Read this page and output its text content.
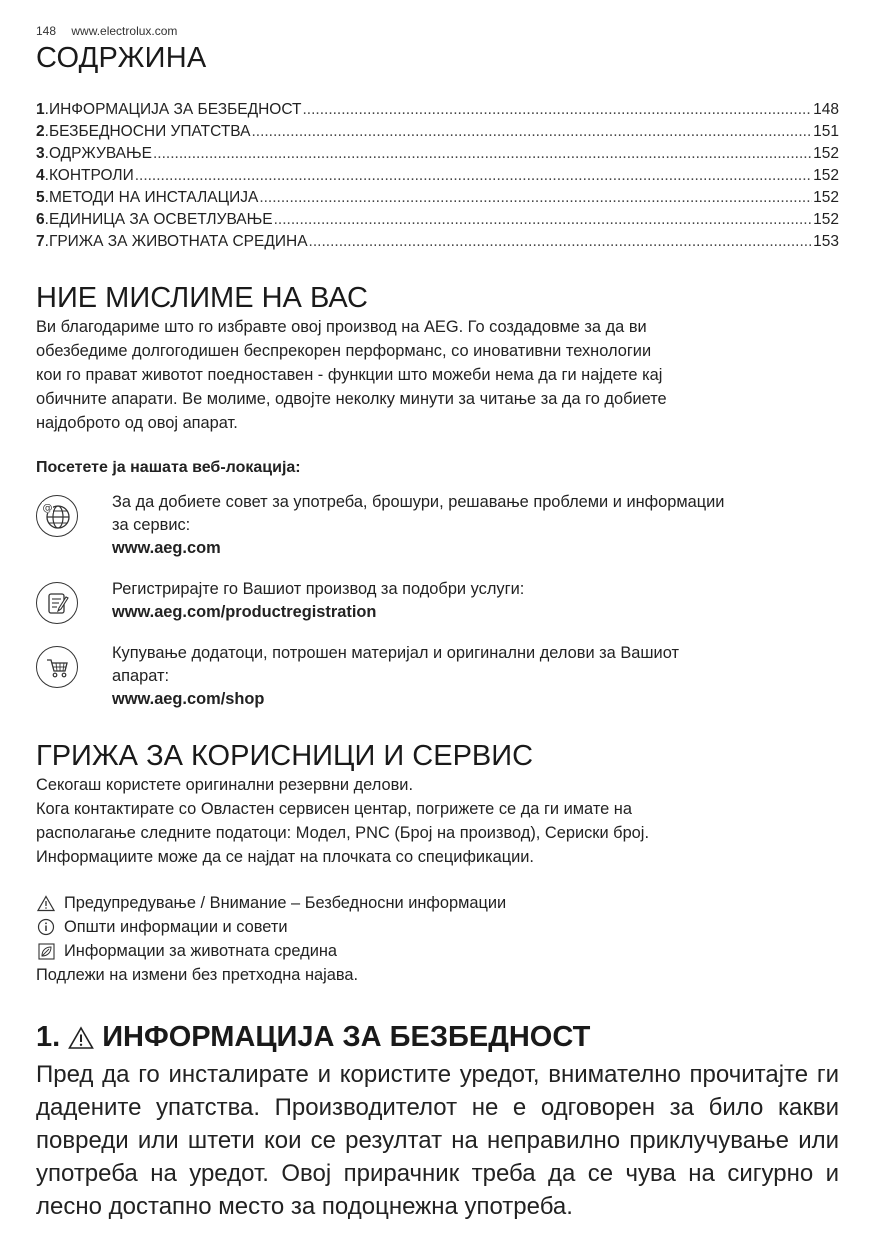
148 www.electrolux.com
СОДРЖИНА
1 . ИНФОРМАЦИЈА ЗА БЕЗБЕДНОСТ .....	148
2 . БЕЗБЕДНОСНИ УПАТСТВА .....	151
3 . ОДРЖУВАЊЕ .....	152
4 . КОНТРОЛИ .....	152
5 . МЕТОДИ НА ИНСТАЛАЦИЈА .....	152
6 . ЕДИНИЦА ЗА ОСВЕТЛУВАЊЕ .....	152
7 . ГРИЖА ЗА ЖИВОТНАТА СРЕДИНА .....	153
НИЕ МИСЛИМЕ НА ВАС

Ви благодариме што го избравте овој производ на AEG. Го создадовме за да ви
обезбедиме долгогодишен беспрекорен перформанс, со иновативни технологии
кои го прават животот поедноставен - функции што можеби нема да ги најдете кај
обичните апарати. Ве молиме, одвојте неколку минути за читање за да го добиете
најдоброто од овој апарат.

Посетете ја нашата веб-локација:
@	За да добиете совет за употреба, брошури, решавање проблеми и информации
за сервис:
www.aeg.com
Регистрирајте го Вашиот производ за подобри услуги:
www.aeg.com/productregistration
Купување додатоци, потрошен материјал и оригинални делови за Вашиот
апарат:
www.aeg.com/shop
ГРИЖА ЗА КОРИСНИЦИ И СЕРВИС

Секогаш користете оригинални резервни делови.
Кога контактирате со Овластен сервисен центар, погрижете се да ги имате на
располагање следните податоци: Модел, PNC (Број на производ), Сериски број.
Информациите може да се најдат на плочката со спецификации.

Предупредување / Внимание – Безбедносни информации
Општи информации и совети
Информации за животната средина
Подлежи на измени без претходна најава.
1. ИНФОРМАЦИЈА ЗА БЕЗБЕДНОСТ

Пред да го инсталирате и користите уредот, внимателно прочитајте ги дадените упатства. Производителот не е одговорен за било какви повреди или штети кои се резултат на неправилно приклучување или употреба на уредот. Овој прирачник треба да се чува на сигурно и лесно достапно место за подоцнежна употреба.
